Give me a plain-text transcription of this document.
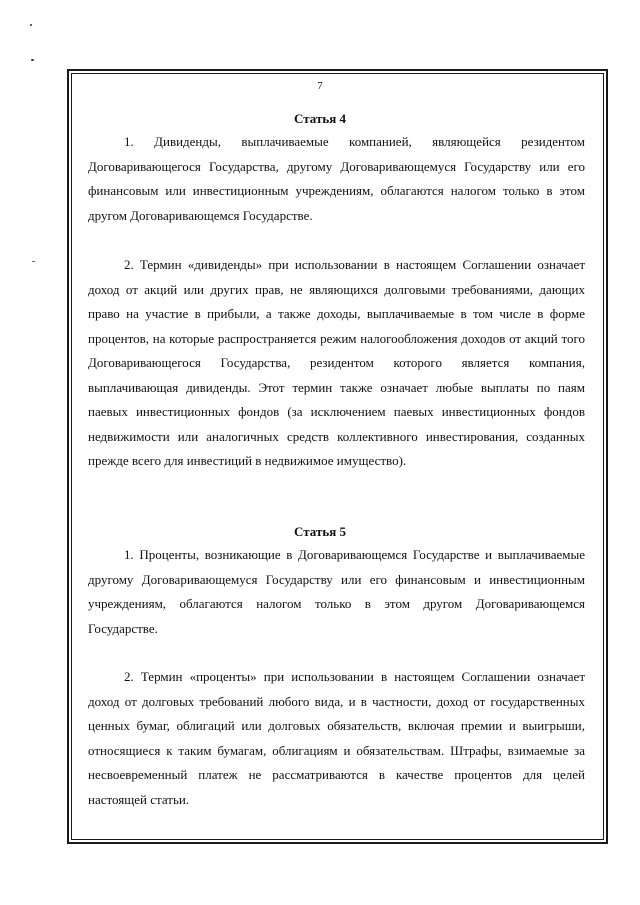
7
Статья 4

1. Дивиденды, выплачиваемые компанией, являющейся резидентом Договаривающегося Государства, другому Договаривающемуся Государству или его финансовым или инвестиционным учреждениям, облагаются налогом только в этом другом Договаривающемся Государстве.

2. Термин «дивиденды» при использовании в настоящем Соглашении означает доход от акций или других прав, не являющихся долговыми требованиями, дающих право на участие в прибыли, а также доходы, выплачиваемые в том числе в форме процентов, на которые распространяется режим налогообложения доходов от акций того Договаривающегося Государства, резидентом которого является компания, выплачивающая дивиденды. Этот термин также означает любые выплаты по паям паевых инвестиционных фондов (за исключением паевых инвестиционных фондов недвижимости или аналогичных средств коллективного инвестирования, созданных прежде всего для инвестиций в недвижимое имущество).

Статья 5

1. Проценты, возникающие в Договаривающемся Государстве и выплачиваемые другому Договаривающемуся Государству или его финансовым и инвестиционным учреждениям, облагаются налогом только в этом другом Договаривающемся Государстве.

2. Термин «проценты» при использовании в настоящем Соглашении означает доход от долговых требований любого вида, и в частности, доход от государственных ценных бумаг, облигаций или долговых обязательств, включая премии и выигрыши, относящиеся к таким бумагам, облигациям и обязательствам. Штрафы, взимаемые за несвоевременный платеж не рассматриваются в качестве процентов для целей настоящей статьи.
